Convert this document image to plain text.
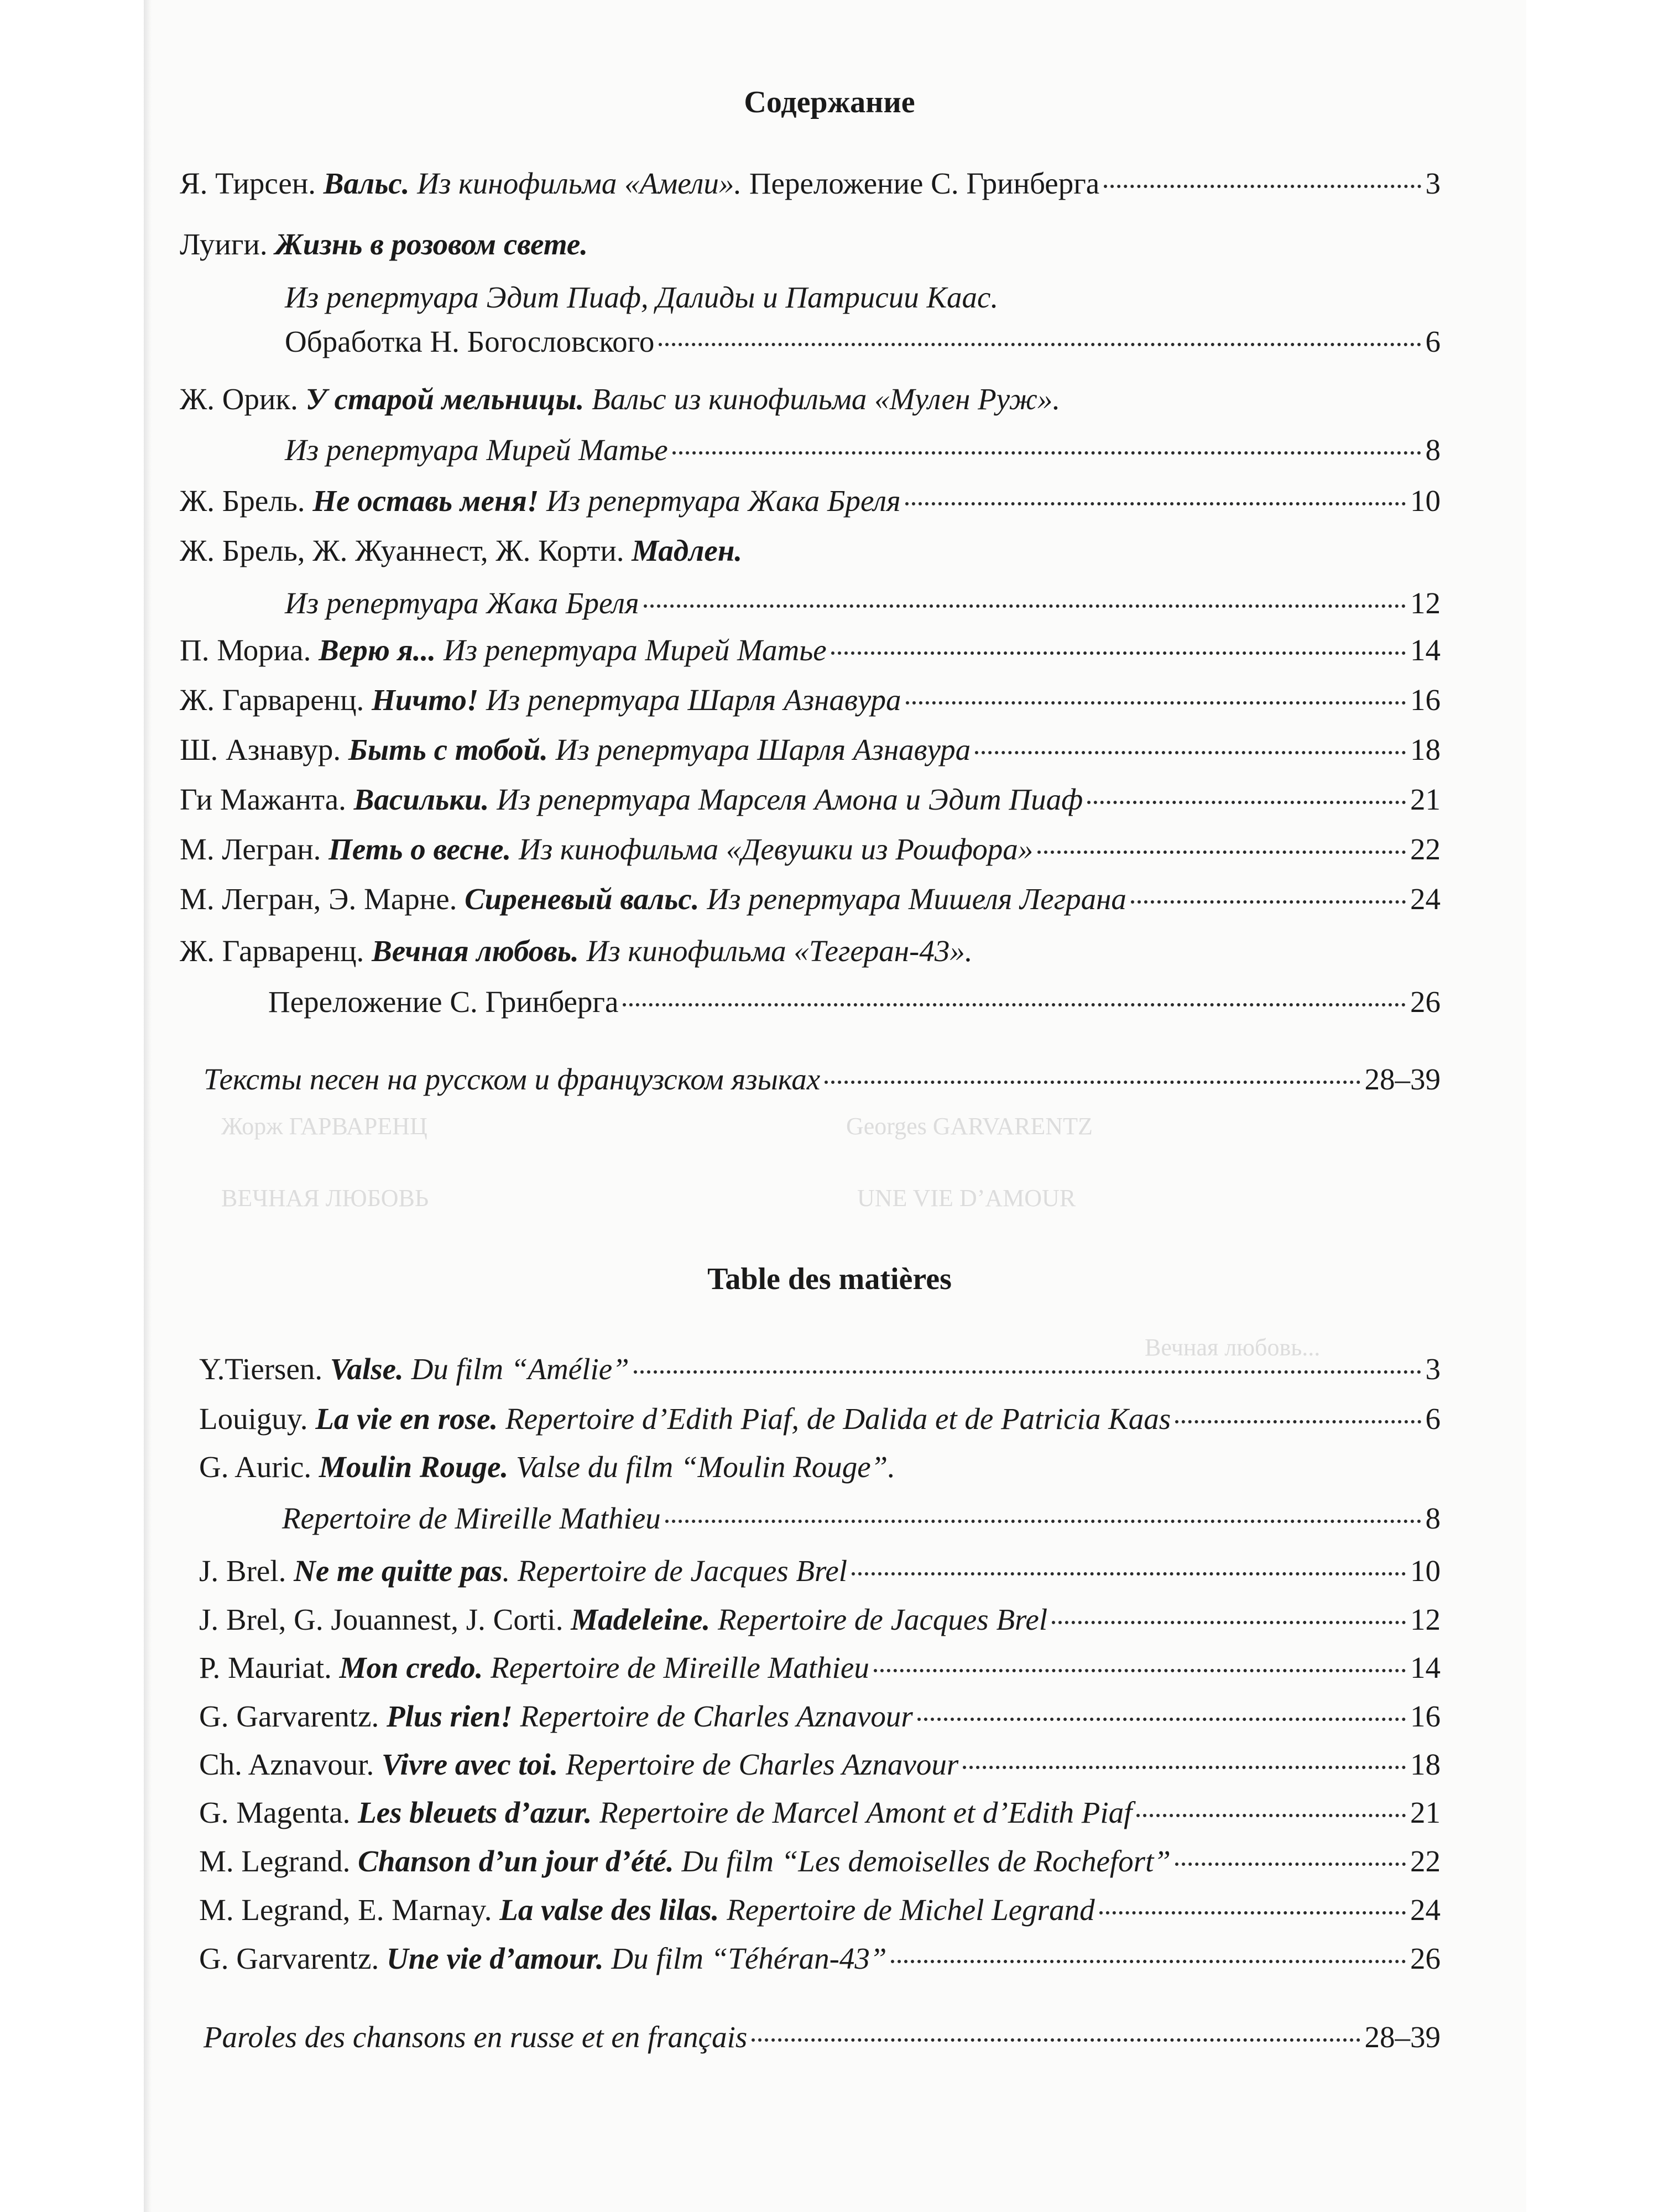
Вечная любовь...
Georges GARVARENTZ
UNE VIE D’AMOUR
Жорж ГАРВАРЕНЦ
ВЕЧНАЯ ЛЮБОВЬ
Содержание
Я. Тирсен. Вальс. Из кинофильма «Амели». Переложение С. Гринберга	3
Луиги. Жизнь в розовом свете.
Из репертуара Эдит Пиаф, Далиды и Патрисии Каас.
Обработка Н. Богословского	6
Ж. Орик. У старой мельницы. Вальс из кинофильма «Мулен Руж».
Из репертуара Мирей Матье	8
Ж. Брель. Не оставь меня! Из репертуара Жака Бреля	10
Ж. Брель, Ж. Жуаннест, Ж. Корти. Мадлен.
Из репертуара Жака Бреля	12
П. Мориа. Верю я... Из репертуара Мирей Матье	14
Ж. Гарваренц. Ничто! Из репертуара Шарля Азнавура	16
Ш. Азнавур. Быть с тобой. Из репертуара Шарля Азнавура	18
Ги Мажанта. Васильки. Из репертуара Марселя Амона и Эдит Пиаф	21
М. Легран. Петь о весне. Из кинофильма «Девушки из Рошфора»	22
М. Легран, Э. Марне. Сиреневый вальс. Из репертуара Мишеля Леграна	24
Ж. Гарваренц. Вечная любовь. Из кинофильма «Тегеран-43».
Переложение С. Гринберга	26
Тексты песен на русском и французском языках	28–39
Table des matières
Y.Tiersen. Valse. Du film “Amélie”	3
Louiguy. La vie en rose. Repertoire d’Edith Piaf, de Dalida et de Patricia Kaas	6
G. Auric. Moulin Rouge. Valse du film “Moulin Rouge”.
Repertoire de Mireille Mathieu	8
J. Brel. Ne me quitte pas. Repertoire de Jacques Brel	10
J. Brel, G. Jouannest, J. Corti. Madeleine. Repertoire de Jacques Brel	12
P. Mauriat. Mon credo. Repertoire de Mireille Mathieu	14
G. Garvarentz. Plus rien! Repertoire de Charles Aznavour	16
Ch. Aznavour. Vivre avec toi. Repertoire de Charles Aznavour	18
G. Magenta. Les bleuets d’azur. Repertoire de Marcel Amont et d’Edith Piaf	21
M. Legrand. Chanson d’un jour d’été. Du film “Les demoiselles de Rochefort”	22
M. Legrand, E. Marnay. La valse des lilas. Repertoire de Michel Legrand	24
G. Garvarentz. Une vie d’amour. Du film “Téhéran-43”	26
Paroles des chansons en russe et en français	28–39
